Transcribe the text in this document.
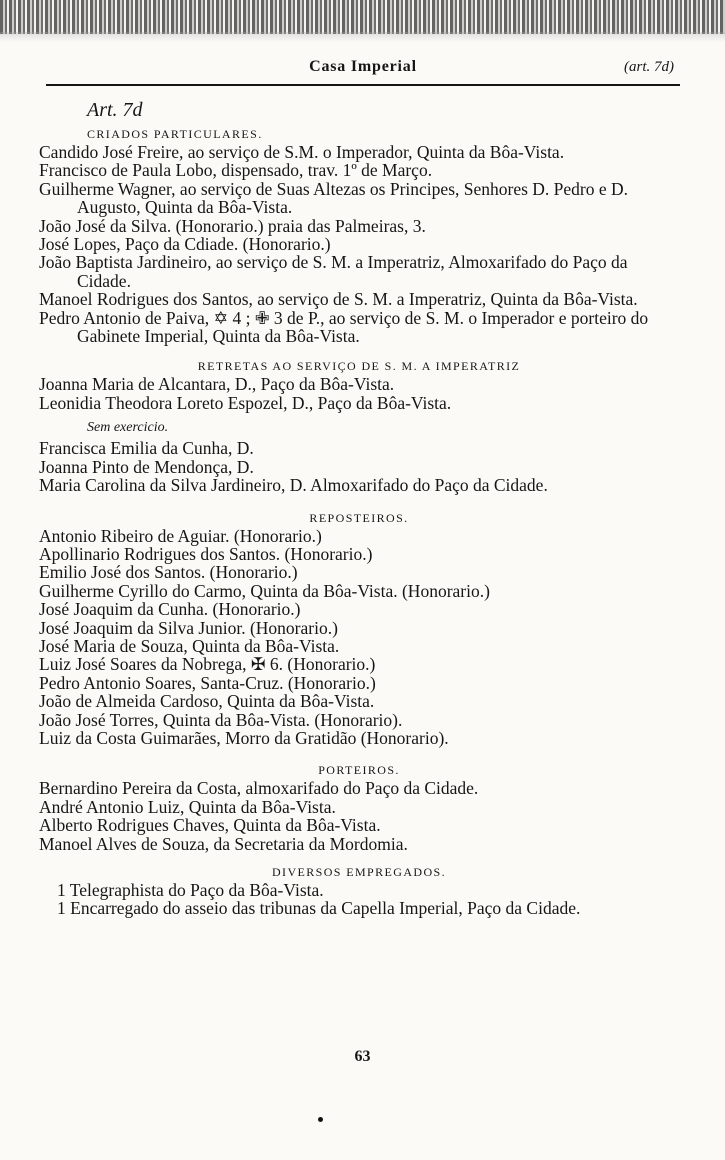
Casa Imperial	(art. 7d)
Art. 7d

CRIADOS PARTICULARES.

Candido José Freire, ao serviço de S.M. o Imperador, Quinta da Bôa-Vista.

Francisco de Paula Lobo, dispensado, trav. 1º de Março.

Guilherme Wagner, ao serviço de Suas Altezas os Principes, Senhores D. Pedro e D. Augusto, Quinta da Bôa-Vista.

João José da Silva. (Honorario.) praia das Palmeiras, 3.

José Lopes, Paço da Cdiade. (Honorario.)

João Baptista Jardineiro, ao serviço de S. M. a Imperatriz, Almoxarifado do Paço da Cidade.

Manoel Rodrigues dos Santos, ao serviço de S. M. a Imperatriz, Quinta da Bôa-Vista.

Pedro Antonio de Paiva, ✡ 4 ; ✙ 3 de P., ao serviço de S. M. o Imperador e porteiro do Gabinete Imperial, Quinta da Bôa-Vista.

RETRETAS AO SERVIÇO DE S. M. A IMPERATRIZ

Joanna Maria de Alcantara, D., Paço da Bôa-Vista.

Leonidia Theodora Loreto Espozel, D., Paço da Bôa-Vista.

Sem exercicio.

Francisca Emilia da Cunha, D.

Joanna Pinto de Mendonça, D.

Maria Carolina da Silva Jardineiro, D. Almoxarifado do Paço da Cidade.

REPOSTEIROS.

Antonio Ribeiro de Aguiar. (Honorario.)

Apollinario Rodrigues dos Santos. (Honorario.)

Emilio José dos Santos. (Honorario.)

Guilherme Cyrillo do Carmo, Quinta da Bôa-Vista. (Honorario.)

José Joaquim da Cunha. (Honorario.)

José Joaquim da Silva Junior. (Honorario.)

José Maria de Souza, Quinta da Bôa-Vista.

Luiz José Soares da Nobrega, ✠ 6. (Honorario.)

Pedro Antonio Soares, Santa-Cruz. (Honorario.)

João de Almeida Cardoso, Quinta da Bôa-Vista.

João José Torres, Quinta da Bôa-Vista. (Honorario).

Luiz da Costa Guimarães, Morro da Gratidão (Honorario).

PORTEIROS.

Bernardino Pereira da Costa, almoxarifado do Paço da Cidade.

André Antonio Luiz, Quinta da Bôa-Vista.

Alberto Rodrigues Chaves, Quinta da Bôa-Vista.

Manoel Alves de Souza, da Secretaria da Mordomia.

DIVERSOS EMPREGADOS.

1 Telegraphista do Paço da Bôa-Vista.

1 Encarregado do asseio das tribunas da Capella Imperial, Paço da Cidade.

63
